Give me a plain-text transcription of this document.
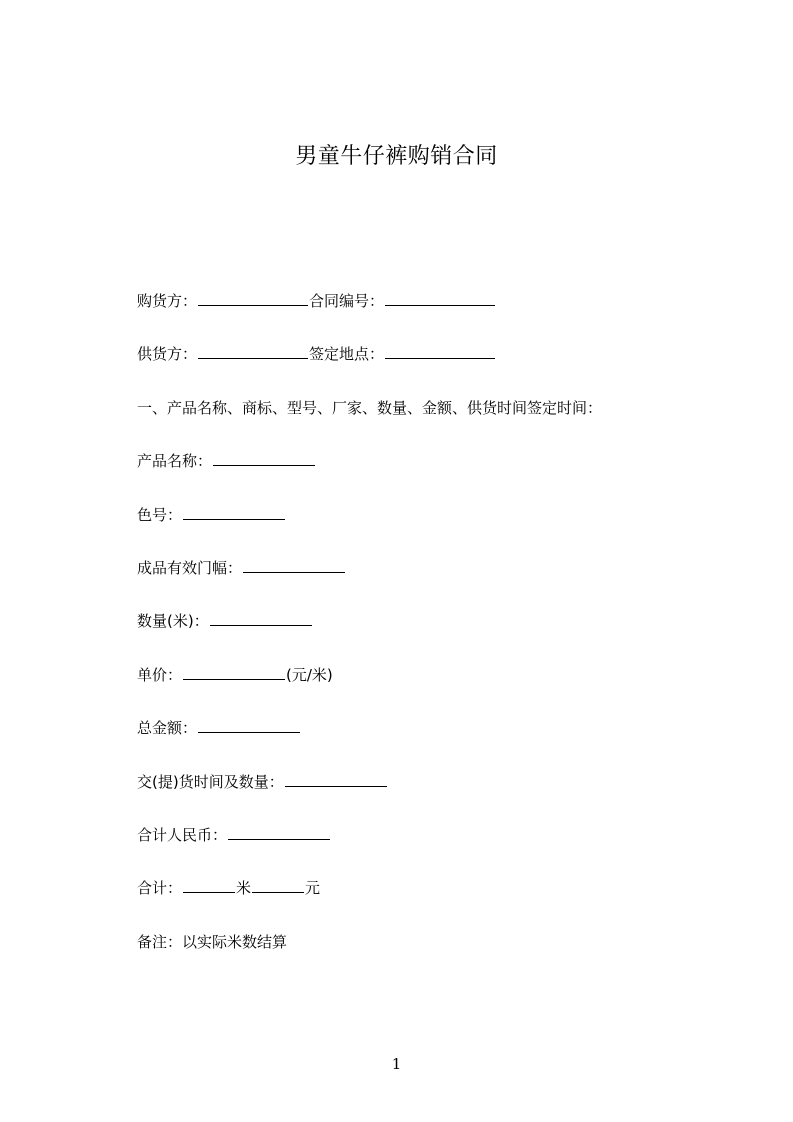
男童牛仔裤购销合同
购货方：	合同编号：
供货方：	签定地点：
一、产品名称、商标、型号、厂家、数量、金额、供货时间签定时间：
产品名称：
色号：
成品有效门幅：
数量(米)：
单价：	(元/米)
总金额：
交(提)货时间及数量：
合计人民币：
合计：	米	元
备注：以实际米数结算
1
